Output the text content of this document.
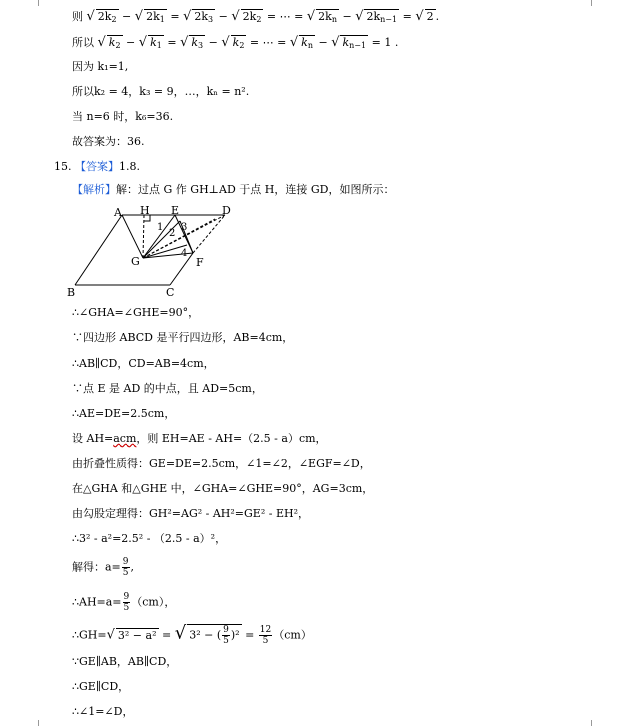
则 √ $2k_2$ − √ $2k_1$ = √ $2k_3$ − √ $2k_2$ = ⋯ = √ $2k_n$ − √ $2k_{n-1}$ = √ 2 .
所以 √ $k_2$ − √ $k_1$ = √ $k_3$ − √ $k_2$ = ⋯ = √ $k_n$ − √ $k_{n-1} = 1$ .
因为 k₁=1,
所以k₂ = 4，k₃ = 9，…，kₙ = n².
当 n=6 时，k₆=36.
故答案为：36.
15. 【答案】1.8.
【解析】解：过点 G 作 GH⊥AD 于点 H，连接 GD，如图所示：
A H E	D
B	C
G	F
1
2
3
4
∴∠GHA=∠GHE=90°，
∵四边形 ABCD 是平行四边形，AB=4cm，
∴AB∥CD，CD=AB=4cm，
∵点 E 是 AD 的中点，且 AD=5cm，
∴AE=DE=2.5cm，
设 AH=acm，则 EH=AE - AH=（2.5 - a）cm，
由折叠性质得：GE=DE=2.5cm，∠1=∠2，∠EGF=∠D，
在△GHA 和△GHE 中，∠GHA=∠GHE=90°，AG=3cm，
由勾股定理得：GH²=AG² - AH²=GE² - EH²，
∴3² - a²=2.5² - （2.5 - a）²，
解得：$a= \frac{9}{5}$ ,
∴AH=a= $\frac{9}{5} (cm)$，
∴GH=√ 3² − a² = √ 3² − ( $\frac{9}{5} )^2 = \frac{12}{5} (cm)$
∵GE∥AB，AB∥CD，
∴GE∥CD，
∴∠1=∠D，
